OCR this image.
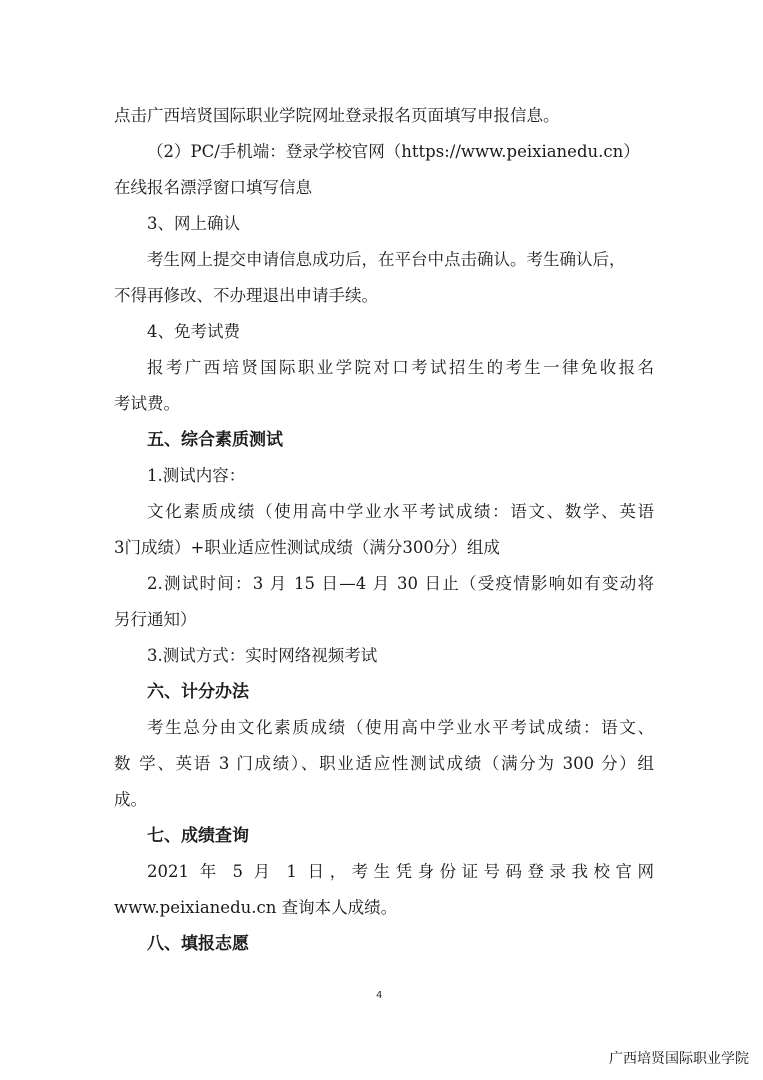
点击广西培贤国际职业学院网址登录报名页面填写申报信息。
（2）PC/手机端：登录学校官网（https://www.peixianedu.cn）
在线报名漂浮窗口填写信息
3、网上确认
考生网上提交申请信息成功后，在平台中点击确认。考生确认后，
不得再修改、不办理退出申请手续。
4、免考试费
报考广西培贤国际职业学院对口考试招生的考生一律免收报名
考试费。
五、综合素质测试
1.测试内容：
文化素质成绩（使用高中学业水平考试成绩：语文、数学、英语
3门成绩）+职业适应性测试成绩（满分300分）组成
2.测试时间：3 月 15 日—4 月 30 日止（受疫情影响如有变动将
另行通知）
3.测试方式：实时网络视频考试
六、计分办法
考生总分由文化素质成绩（使用高中学业水平考试成绩：语文、
数 学、英语 3 门成绩）、职业适应性测试成绩（满分为 300 分）组
成。
七、成绩查询
2021 年 5 月 1 日，考生凭身份证号码登录我校官网
www.peixianedu.cn 查询本人成绩。
八、填报志愿
4
广西培贤国际职业学院
